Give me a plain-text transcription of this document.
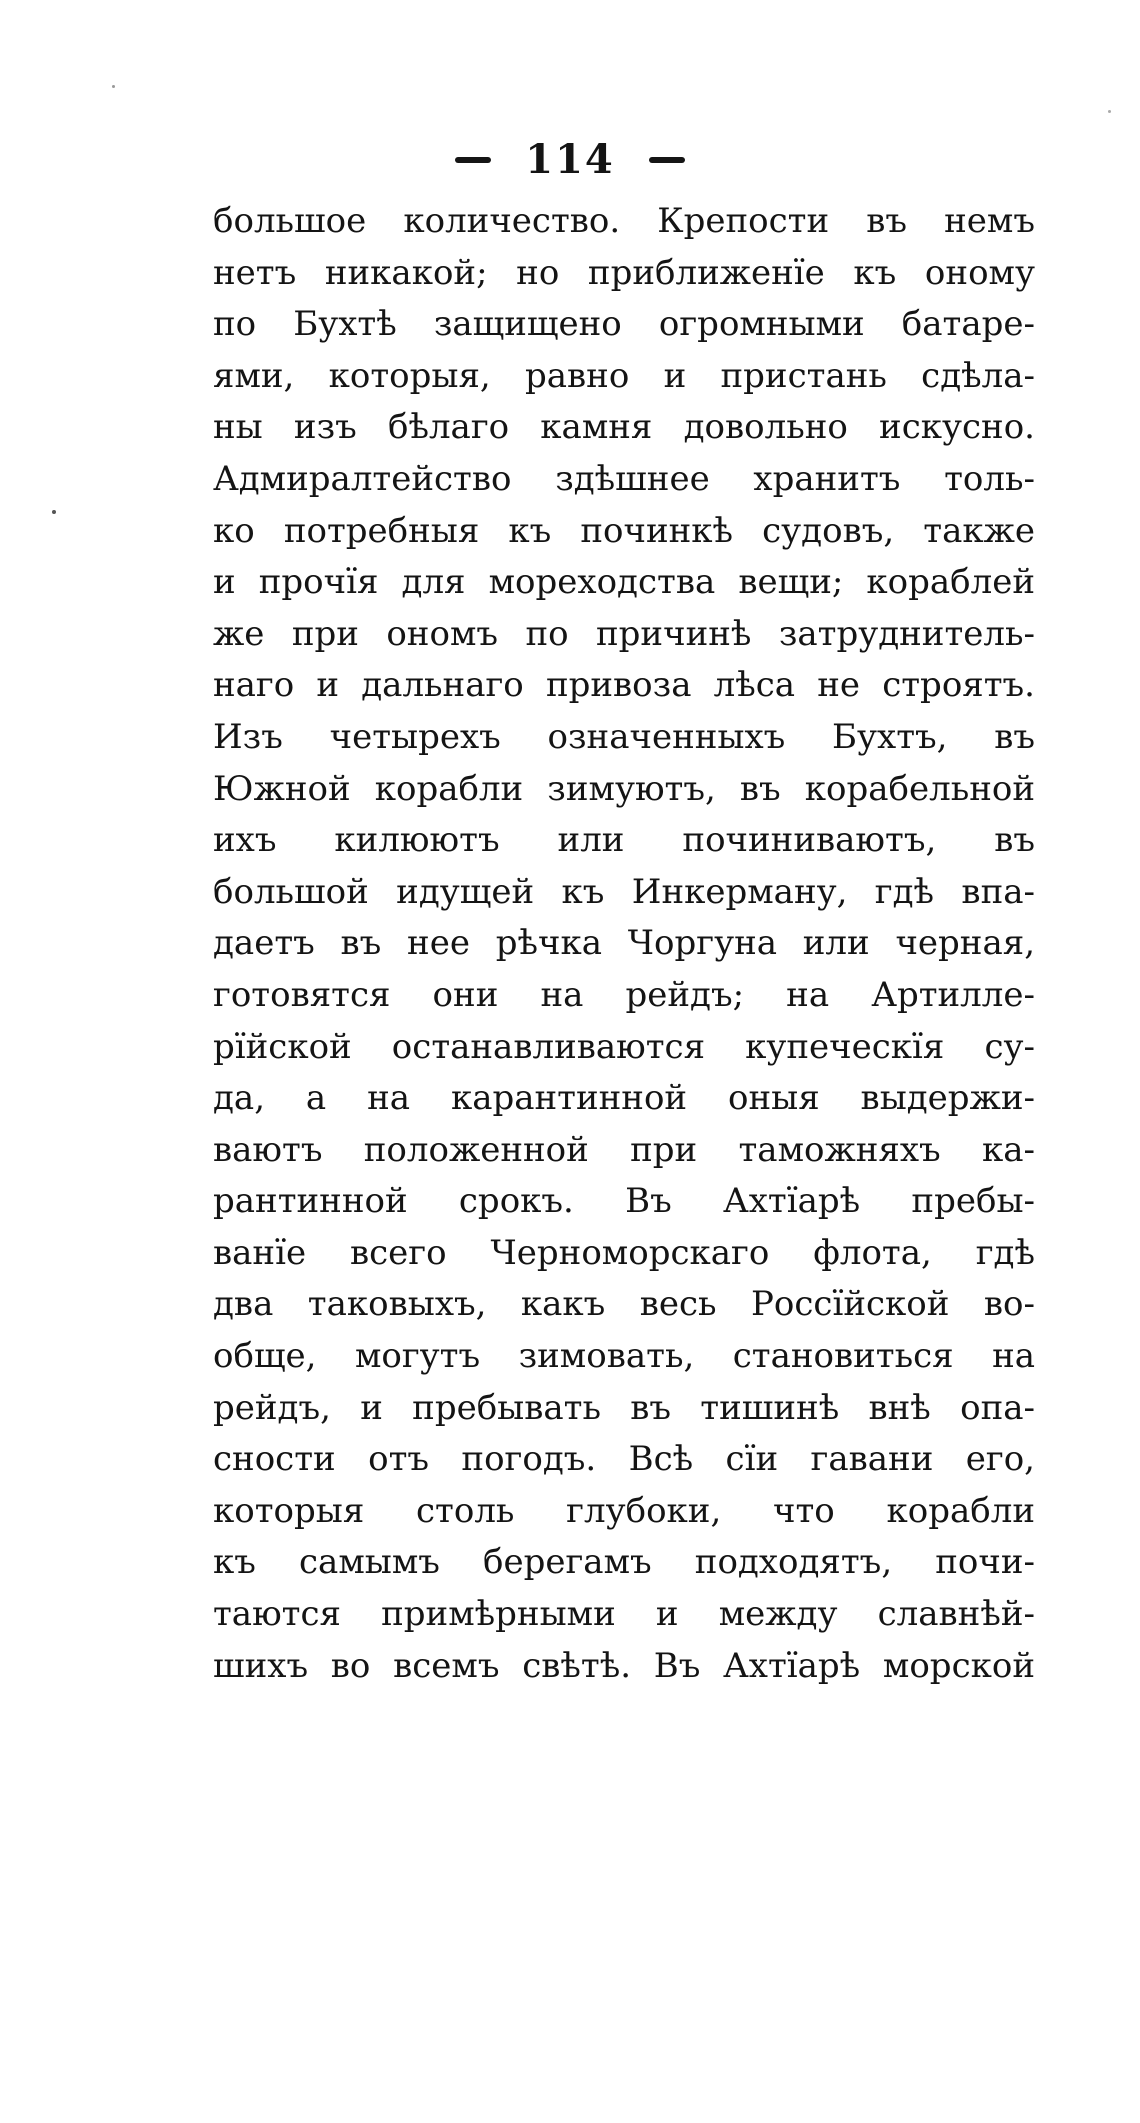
114
большое количество. Крепости въ немъ
нетъ никакой; но приближенїе къ оному
по Бухтѣ защищено огромными батаре-
ями, которыя, равно и пристань сдѣла-
ны изъ бѣлаго камня довольно искусно.
Адмиралтейство здѣшнее хранитъ толь-
ко потребныя къ починкѣ судовъ, также
и прочїя для мореходства вещи; кораблей
же при ономъ по причинѣ затруднитель-
наго и дальнаго привоза лѣса не строятъ.
Изъ четырехъ означенныхъ Бухтъ, въ
Южной корабли зимуютъ, въ корабельной
ихъ килюютъ или починиваютъ, въ
большой идущей къ Инкерману, гдѣ впа-
даетъ въ нее рѣчка Чоргуна или черная,
готовятся они на рейдъ; на Артилле-
рїйской останавливаются купеческїя су-
да, а на карантинной оныя выдержи-
ваютъ положенной при таможняхъ ка-
рантинной срокъ. Въ Ахтїарѣ пребы-
ванїе всего Черноморскаго флота, гдѣ
два таковыхъ, какъ весь Россїйской во-
обще, могутъ зимовать, становиться на
рейдъ, и пребывать въ тишинѣ внѣ опа-
сности отъ погодъ. Всѣ сїи гавани его,
которыя столь глубоки, что корабли
къ самымъ берегамъ подходятъ, почи-
таются примѣрными и между славнѣй-
шихъ во всемъ свѣтѣ. Въ Ахтїарѣ морской
